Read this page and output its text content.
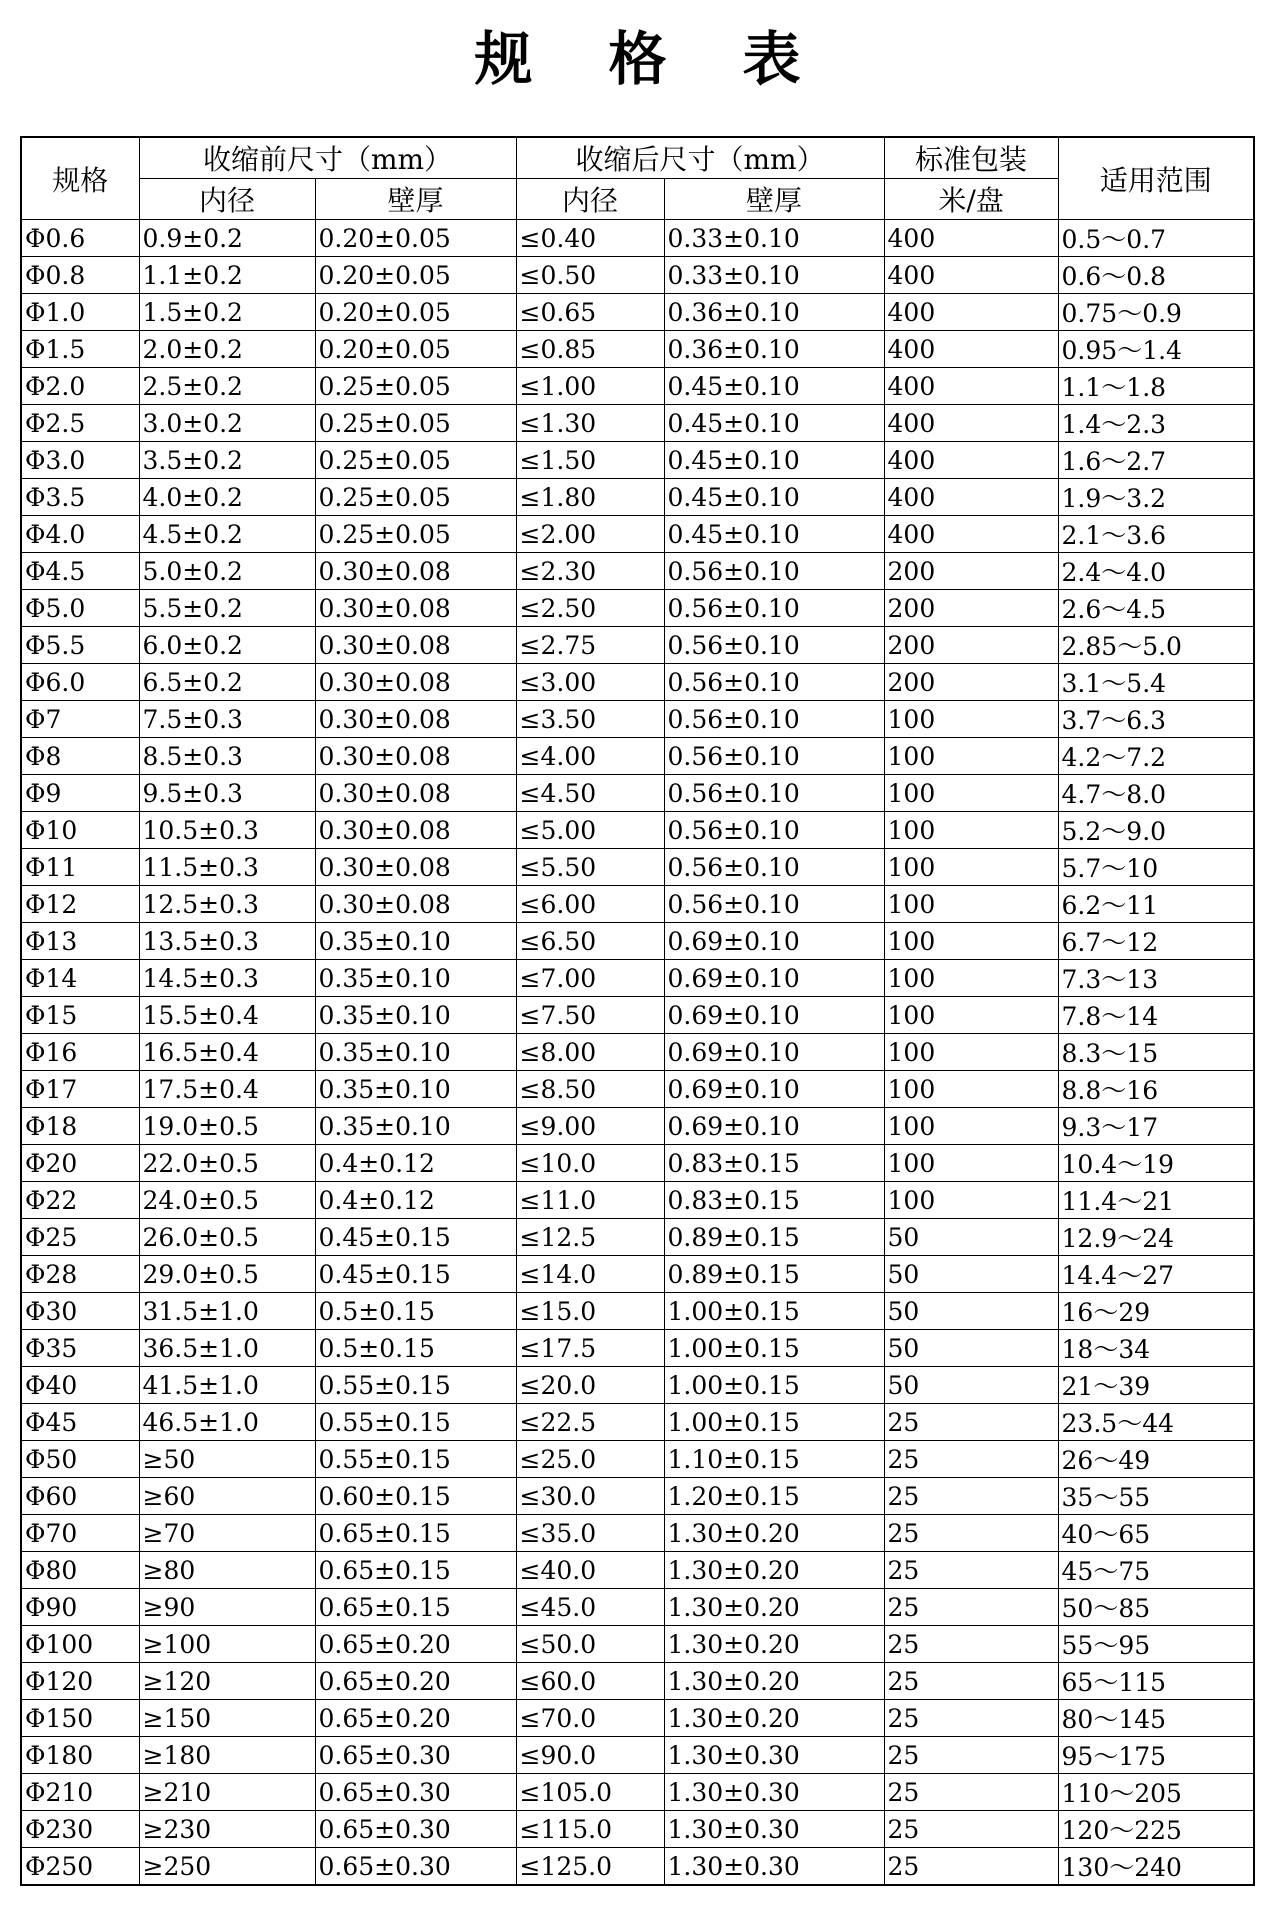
规 格 表
规格	收缩前尺寸（mm）		收缩后尺寸（mm）		标准包装	适用范围
	内径	壁厚	内径	壁厚	米/盘	
Φ0.6	0.9±0.2	0.20±0.05	≤0.40	0.33±0.10	400	0.5～0.7
Φ0.8	1.1±0.2	0.20±0.05	≤0.50	0.33±0.10	400	0.6～0.8
Φ1.0	1.5±0.2	0.20±0.05	≤0.65	0.36±0.10	400	0.75～0.9
Φ1.5	2.0±0.2	0.20±0.05	≤0.85	0.36±0.10	400	0.95～1.4
Φ2.0	2.5±0.2	0.25±0.05	≤1.00	0.45±0.10	400	1.1～1.8
Φ2.5	3.0±0.2	0.25±0.05	≤1.30	0.45±0.10	400	1.4～2.3
Φ3.0	3.5±0.2	0.25±0.05	≤1.50	0.45±0.10	400	1.6～2.7
Φ3.5	4.0±0.2	0.25±0.05	≤1.80	0.45±0.10	400	1.9～3.2
Φ4.0	4.5±0.2	0.25±0.05	≤2.00	0.45±0.10	400	2.1～3.6
Φ4.5	5.0±0.2	0.30±0.08	≤2.30	0.56±0.10	200	2.4～4.0
Φ5.0	5.5±0.2	0.30±0.08	≤2.50	0.56±0.10	200	2.6～4.5
Φ5.5	6.0±0.2	0.30±0.08	≤2.75	0.56±0.10	200	2.85～5.0
Φ6.0	6.5±0.2	0.30±0.08	≤3.00	0.56±0.10	200	3.1～5.4
Φ7	7.5±0.3	0.30±0.08	≤3.50	0.56±0.10	100	3.7～6.3
Φ8	8.5±0.3	0.30±0.08	≤4.00	0.56±0.10	100	4.2～7.2
Φ9	9.5±0.3	0.30±0.08	≤4.50	0.56±0.10	100	4.7～8.0
Φ10	10.5±0.3	0.30±0.08	≤5.00	0.56±0.10	100	5.2～9.0
Φ11	11.5±0.3	0.30±0.08	≤5.50	0.56±0.10	100	5.7～10
Φ12	12.5±0.3	0.30±0.08	≤6.00	0.56±0.10	100	6.2～11
Φ13	13.5±0.3	0.35±0.10	≤6.50	0.69±0.10	100	6.7～12
Φ14	14.5±0.3	0.35±0.10	≤7.00	0.69±0.10	100	7.3～13
Φ15	15.5±0.4	0.35±0.10	≤7.50	0.69±0.10	100	7.8～14
Φ16	16.5±0.4	0.35±0.10	≤8.00	0.69±0.10	100	8.3～15
Φ17	17.5±0.4	0.35±0.10	≤8.50	0.69±0.10	100	8.8～16
Φ18	19.0±0.5	0.35±0.10	≤9.00	0.69±0.10	100	9.3～17
Φ20	22.0±0.5	0.4±0.12	≤10.0	0.83±0.15	100	10.4～19
Φ22	24.0±0.5	0.4±0.12	≤11.0	0.83±0.15	100	11.4～21
Φ25	26.0±0.5	0.45±0.15	≤12.5	0.89±0.15	50	12.9～24
Φ28	29.0±0.5	0.45±0.15	≤14.0	0.89±0.15	50	14.4～27
Φ30	31.5±1.0	0.5±0.15	≤15.0	1.00±0.15	50	16～29
Φ35	36.5±1.0	0.5±0.15	≤17.5	1.00±0.15	50	18～34
Φ40	41.5±1.0	0.55±0.15	≤20.0	1.00±0.15	50	21～39
Φ45	46.5±1.0	0.55±0.15	≤22.5	1.00±0.15	25	23.5～44
Φ50	≥50	0.55±0.15	≤25.0	1.10±0.15	25	26～49
Φ60	≥60	0.60±0.15	≤30.0	1.20±0.15	25	35～55
Φ70	≥70	0.65±0.15	≤35.0	1.30±0.20	25	40～65
Φ80	≥80	0.65±0.15	≤40.0	1.30±0.20	25	45～75
Φ90	≥90	0.65±0.15	≤45.0	1.30±0.20	25	50～85
Φ100	≥100	0.65±0.20	≤50.0	1.30±0.20	25	55～95
Φ120	≥120	0.65±0.20	≤60.0	1.30±0.20	25	65～115
Φ150	≥150	0.65±0.20	≤70.0	1.30±0.20	25	80～145
Φ180	≥180	0.65±0.30	≤90.0	1.30±0.30	25	95～175
Φ210	≥210	0.65±0.30	≤105.0	1.30±0.30	25	110～205
Φ230	≥230	0.65±0.30	≤115.0	1.30±0.30	25	120～225
Φ250	≥250	0.65±0.30	≤125.0	1.30±0.30	25	130～240
